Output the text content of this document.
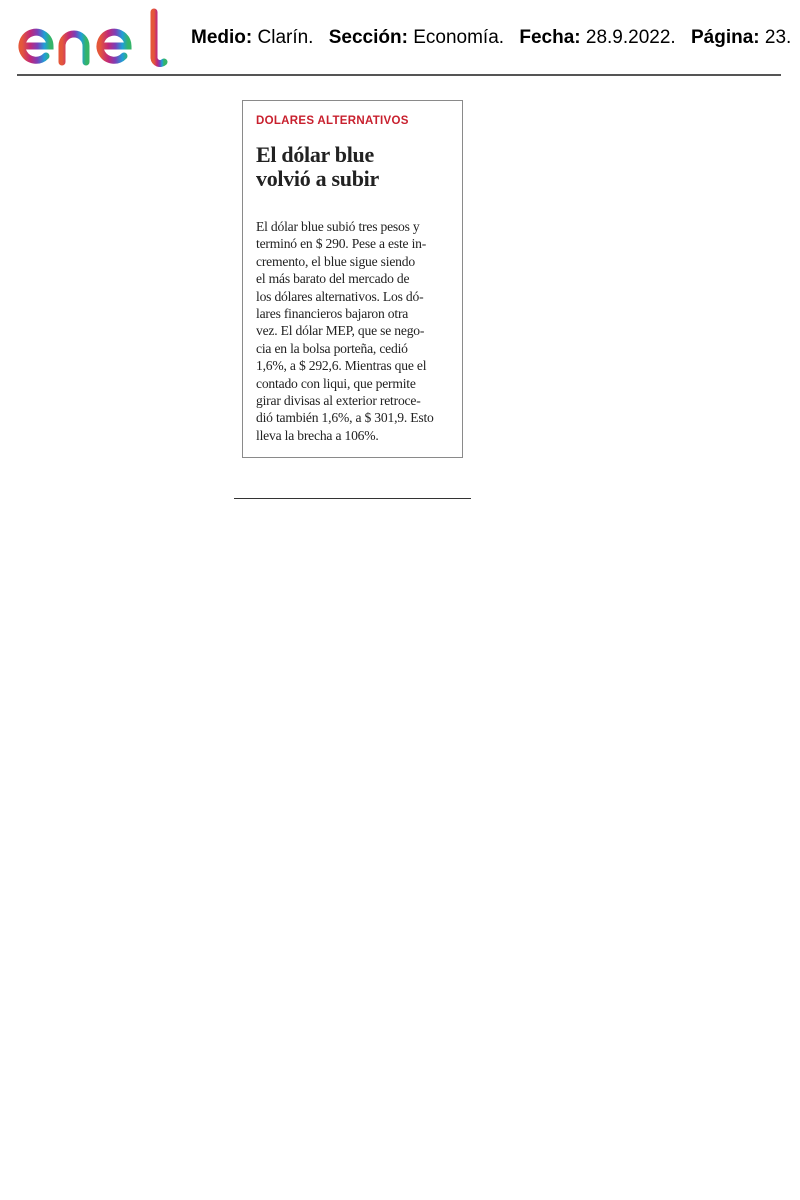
enel
Medio: Clarín. Sección: Economía. Fecha: 28.9.2022. Página: 23.
DOLARES ALTERNATIVOS
El dólar blue
volvió a subir
El dólar blue subió tres pesos y
terminó en $ 290. Pese a este in-
cremento, el blue sigue siendo
el más barato del mercado de
los dólares alternativos. Los dó-
lares financieros bajaron otra
vez. El dólar MEP, que se nego-
cia en la bolsa porteña, cedió
1,6%, a $ 292,6. Mientras que el
contado con liqui, que permite
girar divisas al exterior retroce-
dió también 1,6%, a $ 301,9. Esto
lleva la brecha a 106%.
